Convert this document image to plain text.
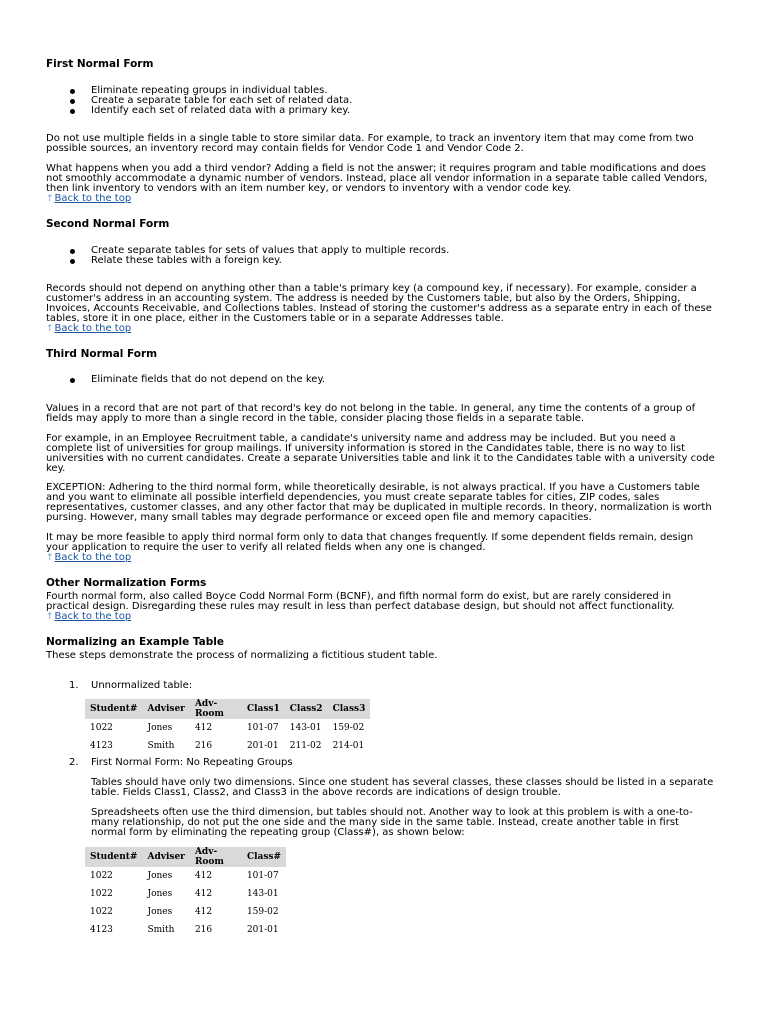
First Normal Form
Eliminate repeating groups in individual tables.
Create a separate table for each set of related data.
Identify each set of related data with a primary key.
Do not use multiple fields in a single table to store similar data. For example, to track an inventory item that may come from two
possible sources, an inventory record may contain fields for Vendor Code 1 and Vendor Code 2.
What happens when you add a third vendor? Adding a field is not the answer; it requires program and table modifications and does
not smoothly accommodate a dynamic number of vendors. Instead, place all vendor information in a separate table called Vendors,
then link inventory to vendors with an item number key, or vendors to inventory with a vendor code key.
↑Back to the top
Second Normal Form
Create separate tables for sets of values that apply to multiple records.
Relate these tables with a foreign key.
Records should not depend on anything other than a table's primary key (a compound key, if necessary). For example, consider a
customer's address in an accounting system. The address is needed by the Customers table, but also by the Orders, Shipping,
Invoices, Accounts Receivable, and Collections tables. Instead of storing the customer's address as a separate entry in each of these
tables, store it in one place, either in the Customers table or in a separate Addresses table.
↑Back to the top
Third Normal Form
Eliminate fields that do not depend on the key.
Values in a record that are not part of that record's key do not belong in the table. In general, any time the contents of a group of
fields may apply to more than a single record in the table, consider placing those fields in a separate table.
For example, in an Employee Recruitment table, a candidate's university name and address may be included. But you need a
complete list of universities for group mailings. If university information is stored in the Candidates table, there is no way to list
universities with no current candidates. Create a separate Universities table and link it to the Candidates table with a university code
key.
EXCEPTION: Adhering to the third normal form, while theoretically desirable, is not always practical. If you have a Customers table
and you want to eliminate all possible interfield dependencies, you must create separate tables for cities, ZIP codes, sales
representatives, customer classes, and any other factor that may be duplicated in multiple records. In theory, normalization is worth
pursing. However, many small tables may degrade performance or exceed open file and memory capacities.
It may be more feasible to apply third normal form only to data that changes frequently. If some dependent fields remain, design
your application to require the user to verify all related fields when any one is changed.
↑Back to the top
Other Normalization Forms
Fourth normal form, also called Boyce Codd Normal Form (BCNF), and fifth normal form do exist, but are rarely considered in
practical design. Disregarding these rules may result in less than perfect database design, but should not affect functionality.
↑Back to the top
Normalizing an Example Table
These steps demonstrate the process of normalizing a fictitious student table.
1. Unnormalized table:
Student#	Adviser	Adv-Room	Class1	Class2	Class3
1022	Jones	412	101-07	143-01	159-02
4123	Smith	216	201-01	211-02	214-01
2. First Normal Form: No Repeating Groups
Tables should have only two dimensions. Since one student has several classes, these classes should be listed in a separate
table. Fields Class1, Class2, and Class3 in the above records are indications of design trouble.
Spreadsheets often use the third dimension, but tables should not. Another way to look at this problem is with a one-to-
many relationship, do not put the one side and the many side in the same table. Instead, create another table in first
normal form by eliminating the repeating group (Class#), as shown below:
Student#	Adviser	Adv-Room	Class#
1022	Jones	412	101-07
1022	Jones	412	143-01
1022	Jones	412	159-02
4123	Smith	216	201-01
